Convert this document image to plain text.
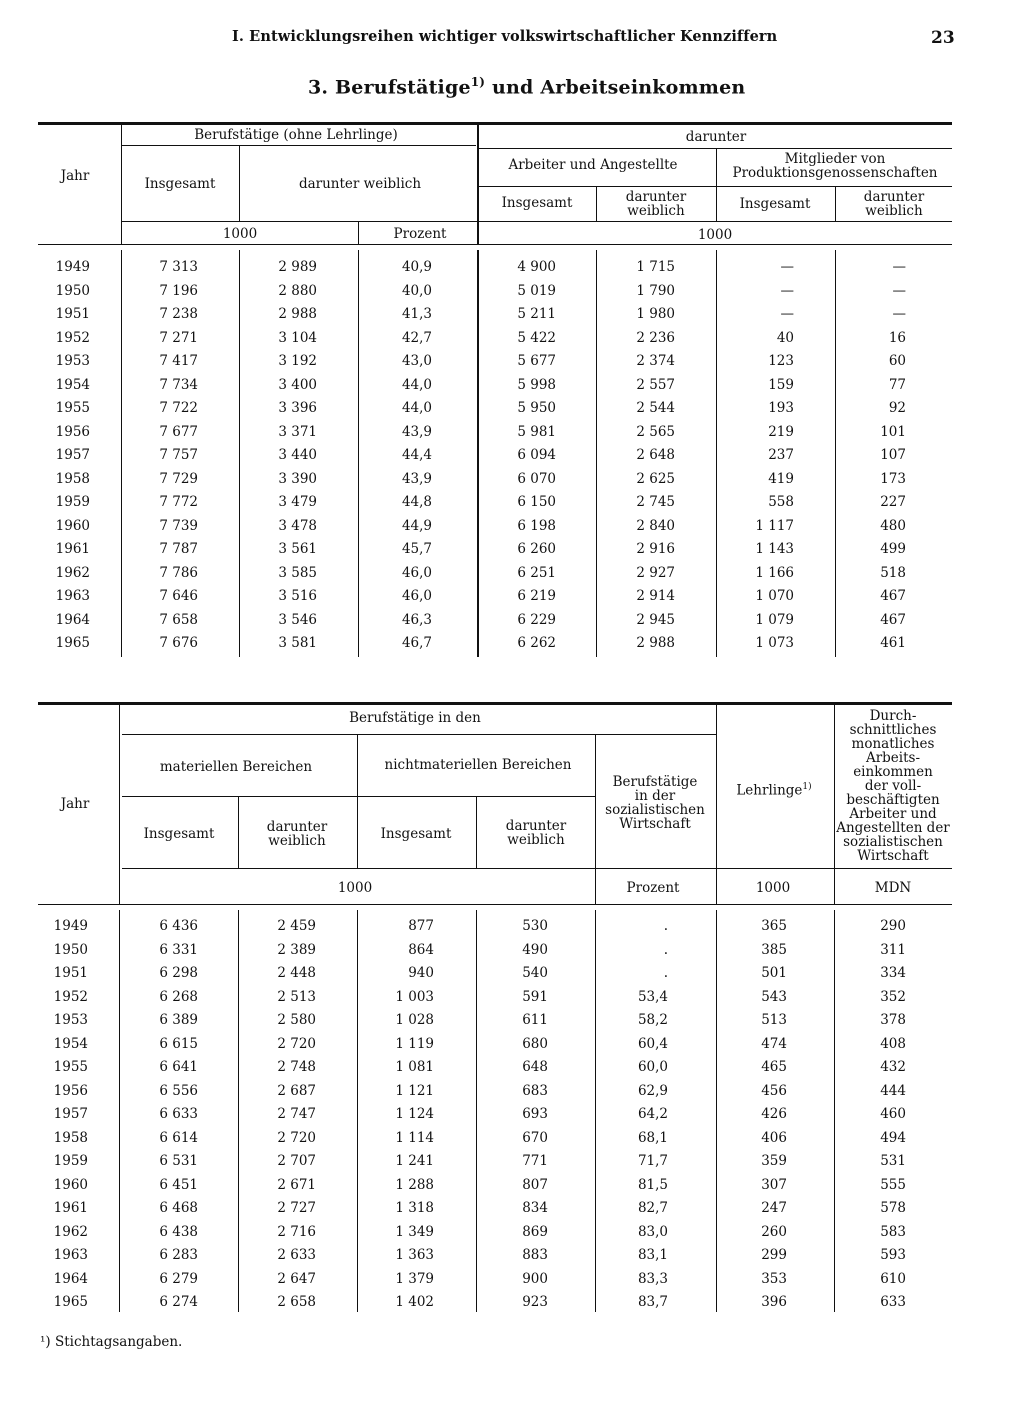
I. Entwicklungsreihen wichtiger volkswirtschaftlicher Kennziffern	23
3. Berufstätige$^{1)}$ und Arbeitseinkommen
Jahr
Berufstätige (ohne Lehrlinge)	darunter
Insgesamt	darunter weiblich
Arbeiter und Angestellte	Mitglieder von
Produktionsgenossenschaften
Insgesamt	darunter
weiblich	Insgesamt	darunter
weiblich
1000	Prozent	1000
1949	7 313	2 989	40,9	4 900	1 715	—	—
1950	7 196	2 880	40,0	5 019	1 790	—	—
1951	7 238	2 988	41,3	5 211	1 980	—	—
1952	7 271	3 104	42,7	5 422	2 236	40	16
1953	7 417	3 192	43,0	5 677	2 374	123	60
1954	7 734	3 400	44,0	5 998	2 557	159	77
1955	7 722	3 396	44,0	5 950	2 544	193	92
1956	7 677	3 371	43,9	5 981	2 565	219	101
1957	7 757	3 440	44,4	6 094	2 648	237	107
1958	7 729	3 390	43,9	6 070	2 625	419	173
1959	7 772	3 479	44,8	6 150	2 745	558	227
1960	7 739	3 478	44,9	6 198	2 840	1 117	480
1961	7 787	3 561	45,7	6 260	2 916	1 143	499
1962	7 786	3 585	46,0	6 251	2 927	1 166	518
1963	7 646	3 516	46,0	6 219	2 914	1 070	467
1964	7 658	3 546	46,3	6 229	2 945	1 079	467
1965	7 676	3 581	46,7	6 262	2 988	1 073	461
Jahr
Berufstätige in den
materiellen Bereichen	nichtmateriellen Bereichen
Insgesamt	darunter
weiblich	Insgesamt	darunter
weiblich
Berufstätige
in der
sozialistischen
Wirtschaft
Lehrlinge$^{1)}$
Durch-
schnittliches
monatliches
Arbeits-
einkommen
der voll-
beschäftigten
Arbeiter und
Angestellten der
sozialistischen
Wirtschaft
1000	Prozent	1000	MDN
1949	6 436	2 459	877	530	.	365	290
1950	6 331	2 389	864	490	.	385	311
1951	6 298	2 448	940	540	.	501	334
1952	6 268	2 513	1 003	591	53,4	543	352
1953	6 389	2 580	1 028	611	58,2	513	378
1954	6 615	2 720	1 119	680	60,4	474	408
1955	6 641	2 748	1 081	648	60,0	465	432
1956	6 556	2 687	1 121	683	62,9	456	444
1957	6 633	2 747	1 124	693	64,2	426	460
1958	6 614	2 720	1 114	670	68,1	406	494
1959	6 531	2 707	1 241	771	71,7	359	531
1960	6 451	2 671	1 288	807	81,5	307	555
1961	6 468	2 727	1 318	834	82,7	247	578
1962	6 438	2 716	1 349	869	83,0	260	583
1963	6 283	2 633	1 363	883	83,1	299	593
1964	6 279	2 647	1 379	900	83,3	353	610
1965	6 274	2 658	1 402	923	83,7	396	633
¹) Stichtagsangaben.
